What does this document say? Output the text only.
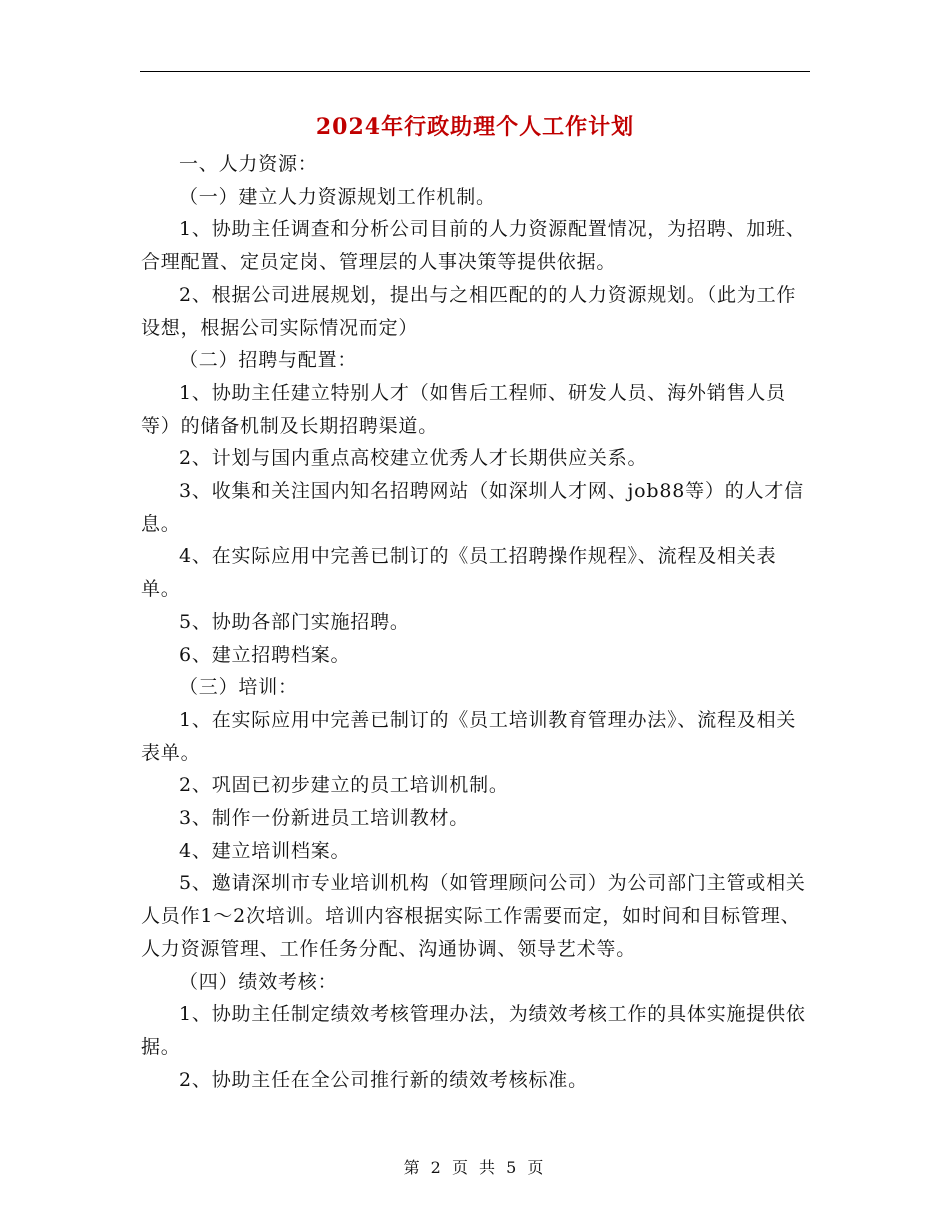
2024年行政助理个人工作计划

一、人力资源：

（一）建立人力资源规划工作机制。

1、协助主任调查和分析公司目前的人力资源配置情况，为招聘、加班、合理配置、定员定岗、管理层的人事决策等提供依据。

2、根据公司进展规划，提出与之相匹配的的人力资源规划。（此为工作设想，根据公司实际情况而定）

（二）招聘与配置：

1、协助主任建立特别人才（如售后工程师、研发人员、海外销售人员等）的储备机制及长期招聘渠道。

2、计划与国内重点高校建立优秀人才长期供应关系。

3、收集和关注国内知名招聘网站（如深圳人才网、job88等）的人才信息。

4、在实际应用中完善已制订的《员工招聘操作规程》、流程及相关表单。

5、协助各部门实施招聘。

6、建立招聘档案。

（三）培训：

1、在实际应用中完善已制订的《员工培训教育管理办法》、流程及相关表单。

2、巩固已初步建立的员工培训机制。

3、制作一份新进员工培训教材。

4、建立培训档案。

5、邀请深圳市专业培训机构（如管理顾问公司）为公司部门主管或相关人员作1～2次培训。培训内容根据实际工作需要而定，如时间和目标管理、人力资源管理、工作任务分配、沟通协调、领导艺术等。

（四）绩效考核：

1、协助主任制定绩效考核管理办法，为绩效考核工作的具体实施提供依据。

2、协助主任在全公司推行新的绩效考核标准。

第 2 页 共 5 页
